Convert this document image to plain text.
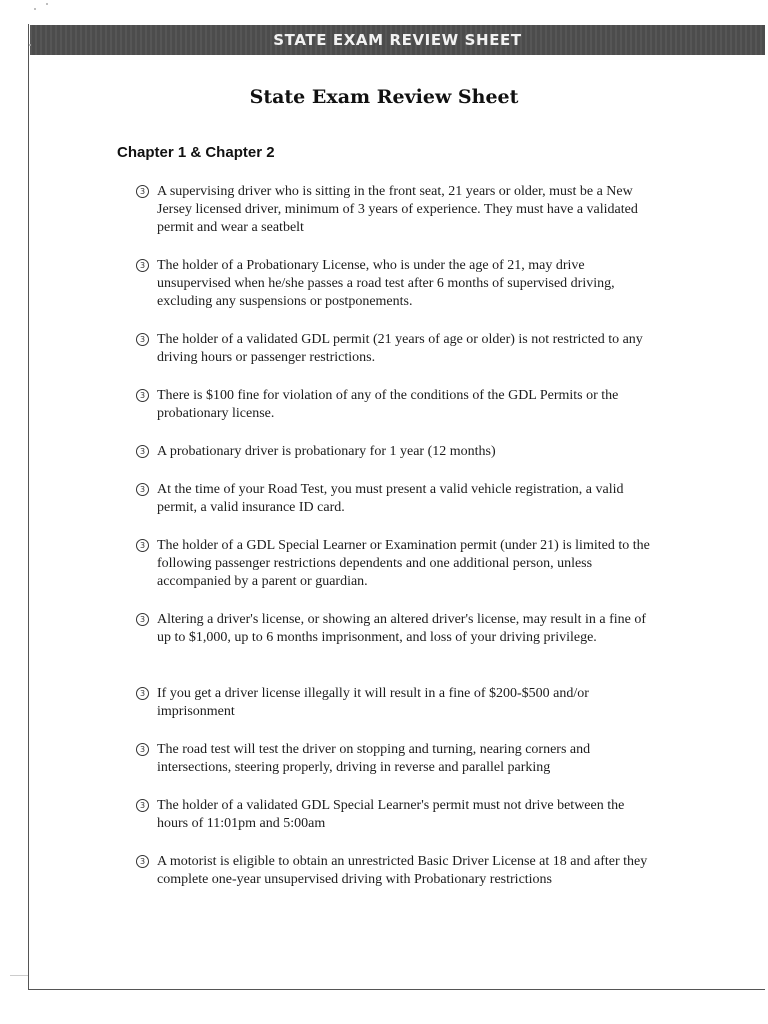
STATE EXAM REVIEW SHEET
State Exam Review Sheet
Chapter 1 & Chapter 2
3 A supervising driver who is sitting in the front seat, 21 years or older, must be a New Jersey licensed driver, minimum of 3 years of experience. They must have a validated permit and wear a seatbelt
3 The holder of a Probationary License, who is under the age of 21, may drive unsupervised when he/she passes a road test after 6 months of supervised driving, excluding any suspensions or postponements.
3 The holder of a validated GDL permit (21 years of age or older) is not restricted to any driving hours or passenger restrictions.
3 There is $100 fine for violation of any of the conditions of the GDL Permits or the probationary license.
3 A probationary driver is probationary for 1 year (12 months)
3 At the time of your Road Test, you must present a valid vehicle registration, a valid permit, a valid insurance ID card.
3 The holder of a GDL Special Learner or Examination permit (under 21) is limited to the following passenger restrictions dependents and one additional person, unless accompanied by a parent or guardian.
3 Altering a driver's license, or showing an altered driver's license, may result in a fine of up to $1,000, up to 6 months imprisonment, and loss of your driving privilege.
3 If you get a driver license illegally it will result in a fine of $200-$500 and/or imprisonment
3 The road test will test the driver on stopping and turning, nearing corners and intersections, steering properly, driving in reverse and parallel parking
3 The holder of a validated GDL Special Learner's permit must not drive between the hours of 11:01pm and 5:00am
3 A motorist is eligible to obtain an unrestricted Basic Driver License at 18 and after they complete one-year unsupervised driving with Probationary restrictions
